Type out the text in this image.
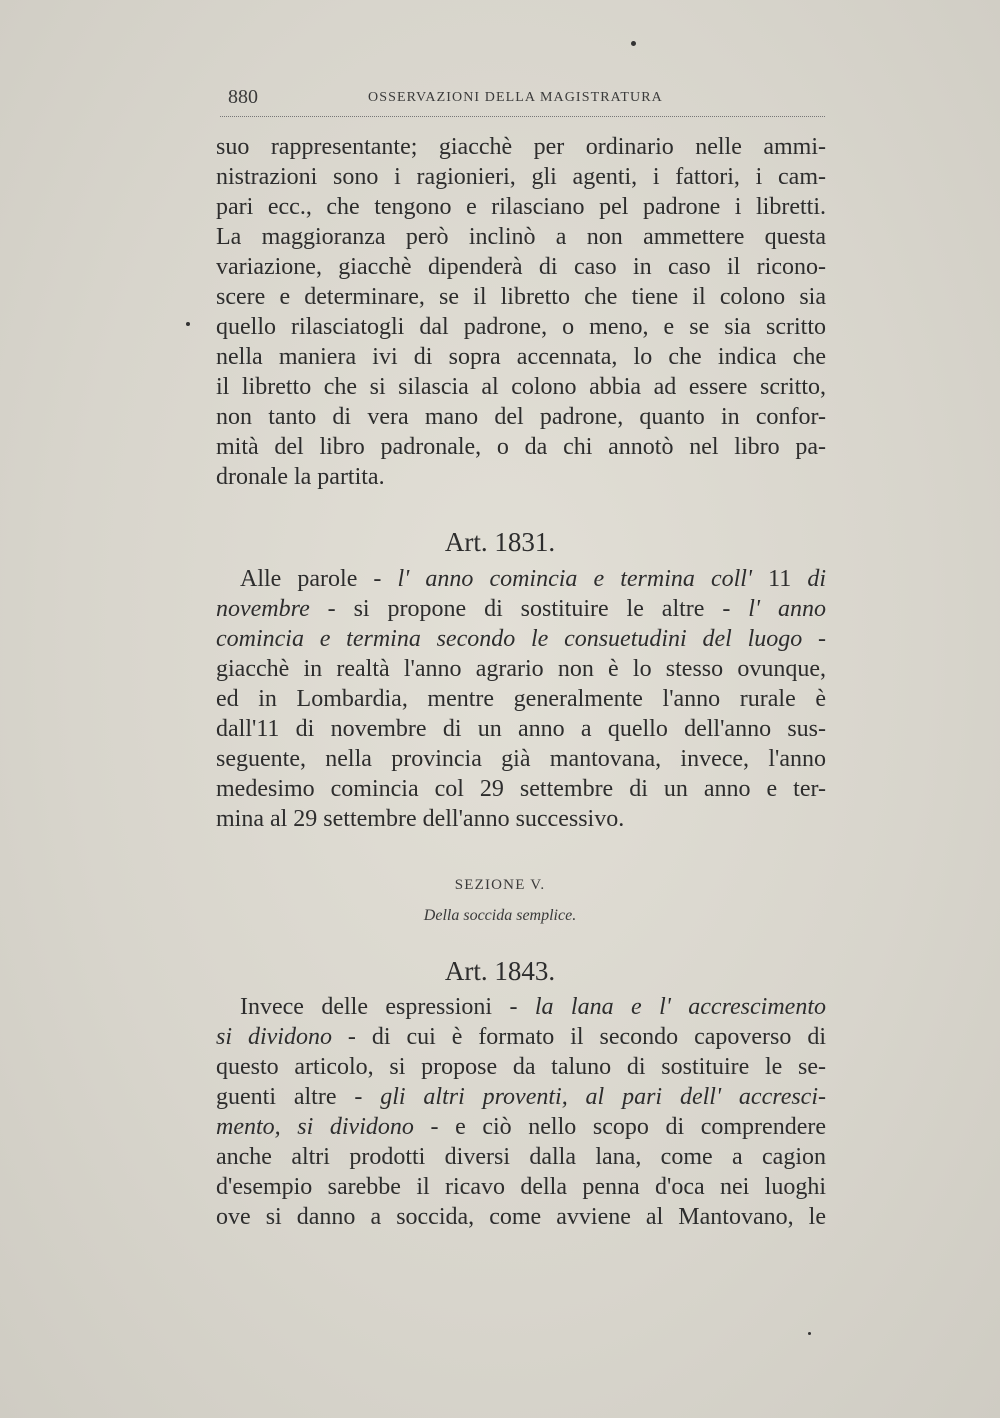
880	OSSERVAZIONI DELLA MAGISTRATURA
suo rappresentante; giacchè per ordinario nelle ammi-
nistrazioni sono i ragionieri, gli agenti, i fattori, i cam-
pari ecc., che tengono e rilasciano pel padrone i libretti.
La maggioranza però inclinò a non ammettere questa
variazione, giacchè dipenderà di caso in caso il ricono-
scere e determinare, se il libretto che tiene il colono sia
quello rilasciatogli dal padrone, o meno, e se sia scritto
nella maniera ivi di sopra accennata, lo che indica che
il libretto che si silascia al colono abbia ad essere scritto,
non tanto di vera mano del padrone, quanto in confor-
mità del libro padronale, o da chi annotò nel libro pa-
dronale la partita.
Art. 1831.
Alle parole - l' anno comincia e termina coll' 11 di
novembre - si propone di sostituire le altre - l' anno
comincia e termina secondo le consuetudini del luogo -
giacchè in realtà l'anno agrario non è lo stesso ovunque,
ed in Lombardia, mentre generalmente l'anno rurale è
dall'11 di novembre di un anno a quello dell'anno sus-
seguente, nella provincia già mantovana, invece, l'anno
medesimo comincia col 29 settembre di un anno e ter-
mina al 29 settembre dell'anno successivo.
SEZIONE V.
Della soccida semplice.
Art. 1843.
Invece delle espressioni - la lana e l' accrescimento
si dividono - di cui è formato il secondo capoverso di
questo articolo, si propose da taluno di sostituire le se-
guenti altre - gli altri proventi, al pari dell' accresci-
mento, si dividono - e ciò nello scopo di comprendere
anche altri prodotti diversi dalla lana, come a cagion
d'esempio sarebbe il ricavo della penna d'oca nei luoghi
ove si danno a soccida, come avviene al Mantovano, le
